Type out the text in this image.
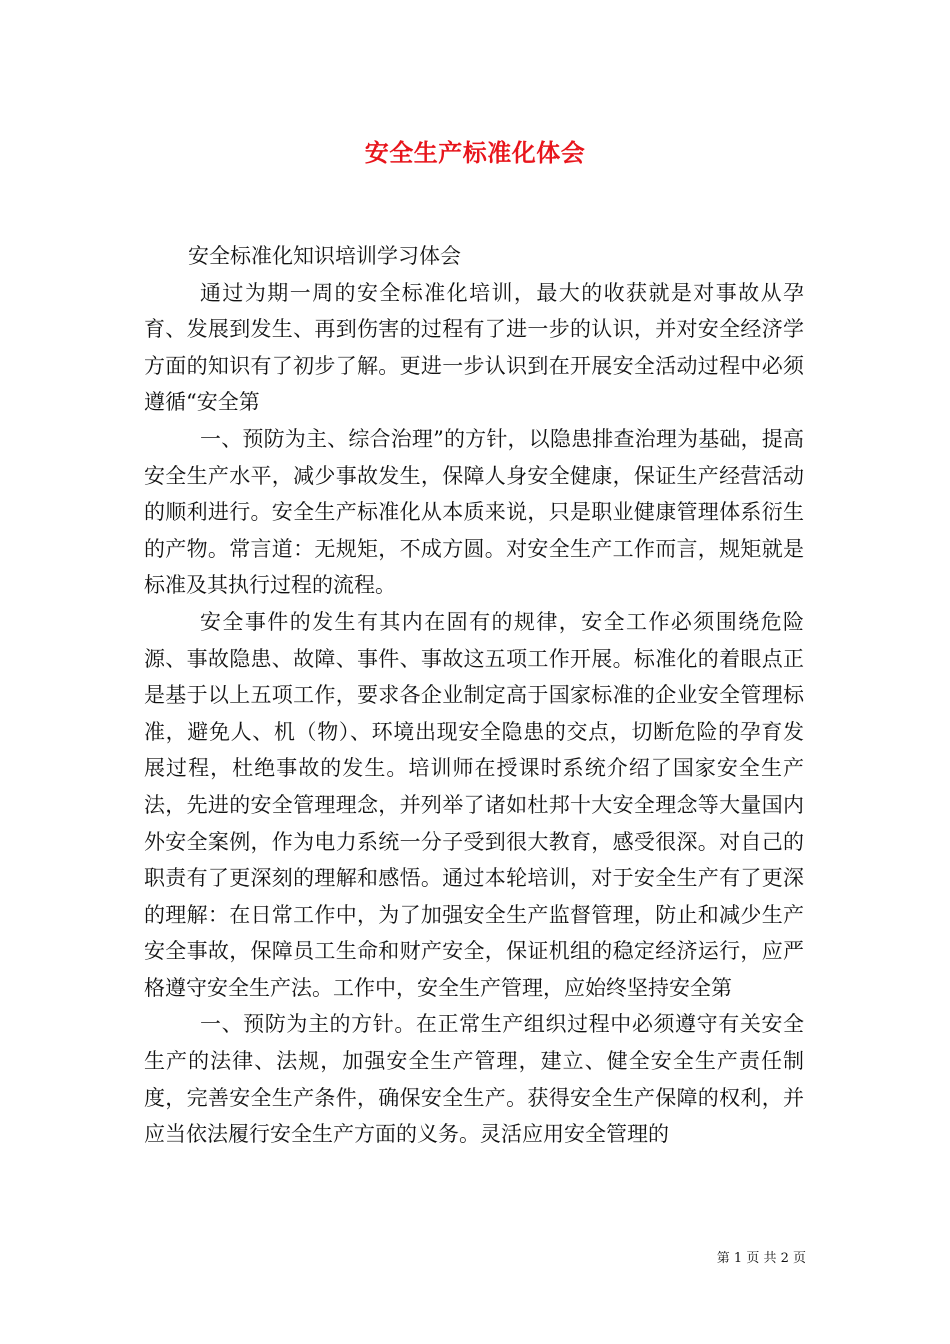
安全生产标准化体会

安全标准化知识培训学习体会

通过为期一周的安全标准化培训，最大的收获就是对事故从孕育、发展到发生、再到伤害的过程有了进一步的认识，并对安全经济学方面的知识有了初步了解。更进一步认识到在开展安全活动过程中必须遵循“安全第

一、预防为主、综合治理”的方针，以隐患排查治理为基础，提高安全生产水平，减少事故发生，保障人身安全健康，保证生产经营活动的顺利进行。安全生产标准化从本质来说，只是职业健康管理体系衍生的产物。常言道：无规矩，不成方圆。对安全生产工作而言，规矩就是标准及其执行过程的流程。

安全事件的发生有其内在固有的规律，安全工作必须围绕危险源、事故隐患、故障、事件、事故这五项工作开展。标准化的着眼点正是基于以上五项工作，要求各企业制定高于国家标准的企业安全管理标准，避免人、机（物）、环境出现安全隐患的交点，切断危险的孕育发展过程，杜绝事故的发生。培训师在授课时系统介绍了国家安全生产法，先进的安全管理理念，并列举了诸如杜邦十大安全理念等大量国内外安全案例，作为电力系统一分子受到很大教育，感受很深。对自己的职责有了更深刻的理解和感悟。通过本轮培训，对于安全生产有了更深的理解：在日常工作中，为了加强安全生产监督管理，防止和减少生产安全事故，保障员工生命和财产安全，保证机组的稳定经济运行，应严格遵守安全生产法。工作中，安全生产管理，应始终坚持安全第

一、预防为主的方针。在正常生产组织过程中必须遵守有关安全生产的法律、法规，加强安全生产管理，建立、健全安全生产责任制度，完善安全生产条件，确保安全生产。获得安全生产保障的权利，并应当依法履行安全生产方面的义务。灵活应用安全管理的

第 1 页 共 2 页
